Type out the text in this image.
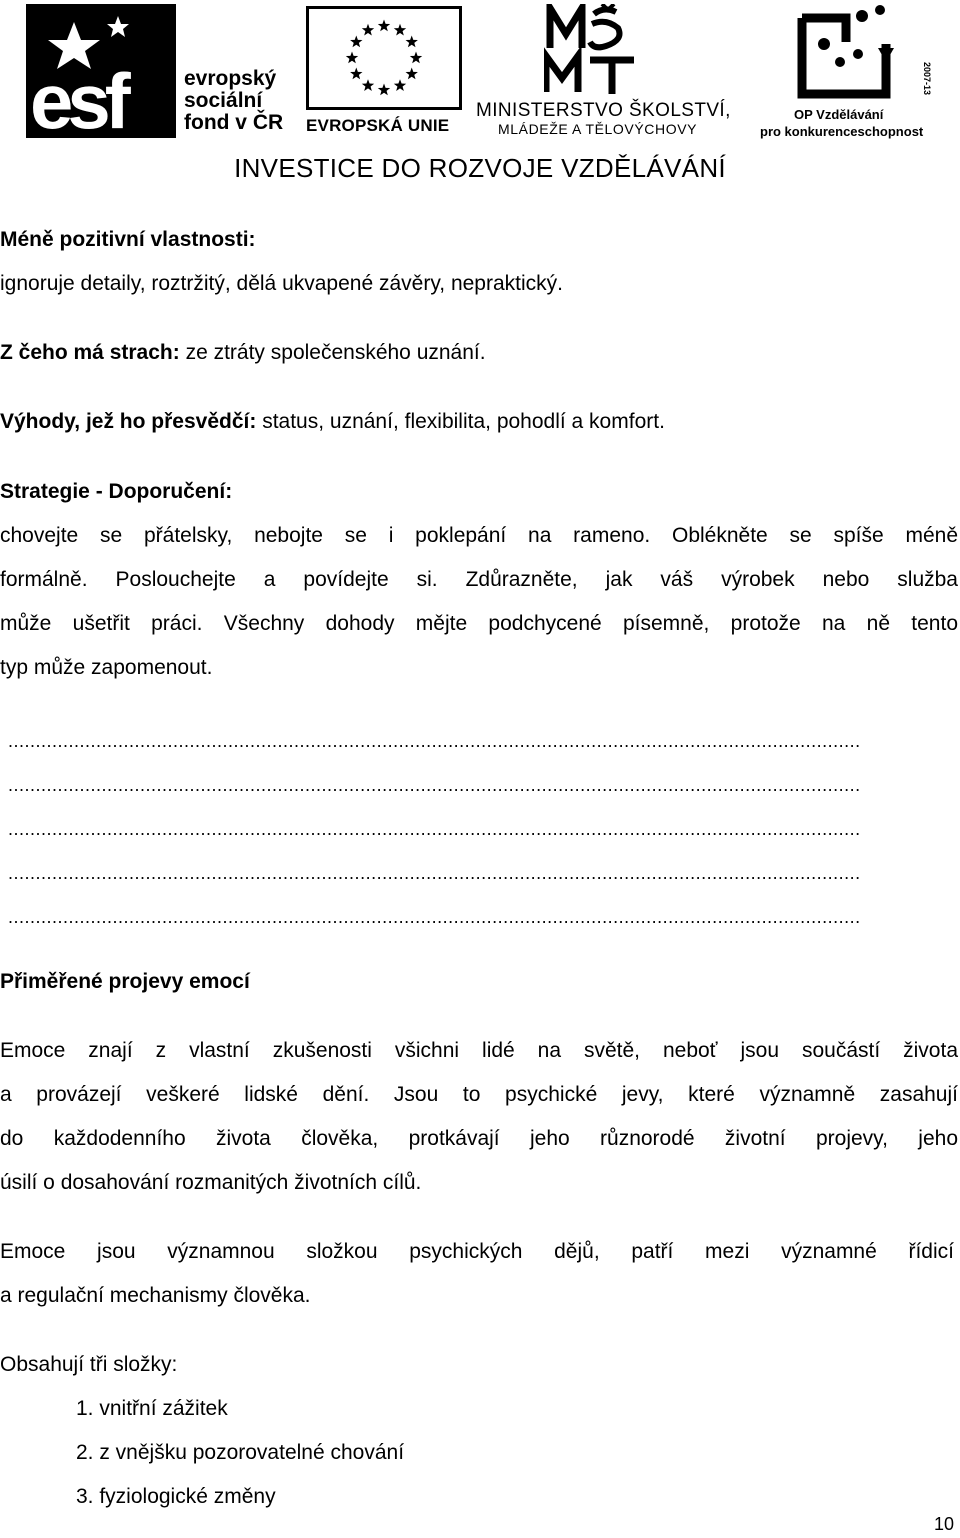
esf	evropský
sociální
fond v ČR EVROPSKÁ UNIE
MINISTERSTVO ŠKOLSTVÍ,
MLÁDEŽE A TĚLOVÝCHOVY
2007-13
OP Vzdělávání
pro konkurenceschopnost
INVESTICE DO ROZVOJE VZDĚLÁVÁNÍ
Méně pozitivní vlastnosti:
ignoruje detaily, roztržitý, dělá ukvapené závěry, nepraktický.
Z čeho má strach: ze ztráty společenského uznání.
Výhody, jež ho přesvědčí: status, uznání, flexibilita, pohodlí a komfort.
Strategie - Doporučení:
chovejte se přátelsky, nebojte se i poklepání na rameno. Oblékněte se spíše méně
formálně. Poslouchejte a povídejte si. Zdůrazněte, jak váš výrobek nebo služba
může ušetřit práci. Všechny dohody mějte podchycené písemně, protože na ně tento
typ může zapomenout.
...........................................................................................................................................................
...........................................................................................................................................................
...........................................................................................................................................................
...........................................................................................................................................................
...........................................................................................................................................................
Přiměřené projevy emocí
Emoce znají z vlastní zkušenosti všichni lidé na světě, neboť jsou součástí života
a provázejí veškeré lidské dění. Jsou to psychické jevy, které významně zasahují
do každodenního života člověka, protkávají jeho různorodé životní projevy, jeho
úsilí o dosahování rozmanitých životních cílů.
Emoce jsou významnou složkou psychických dějů, patří mezi významné řídicí
a regulační mechanismy člověka.
Obsahují tři složky:
1. vnitřní zážitek
2. z vnějšku pozorovatelné chování
3. fyziologické změny
10
